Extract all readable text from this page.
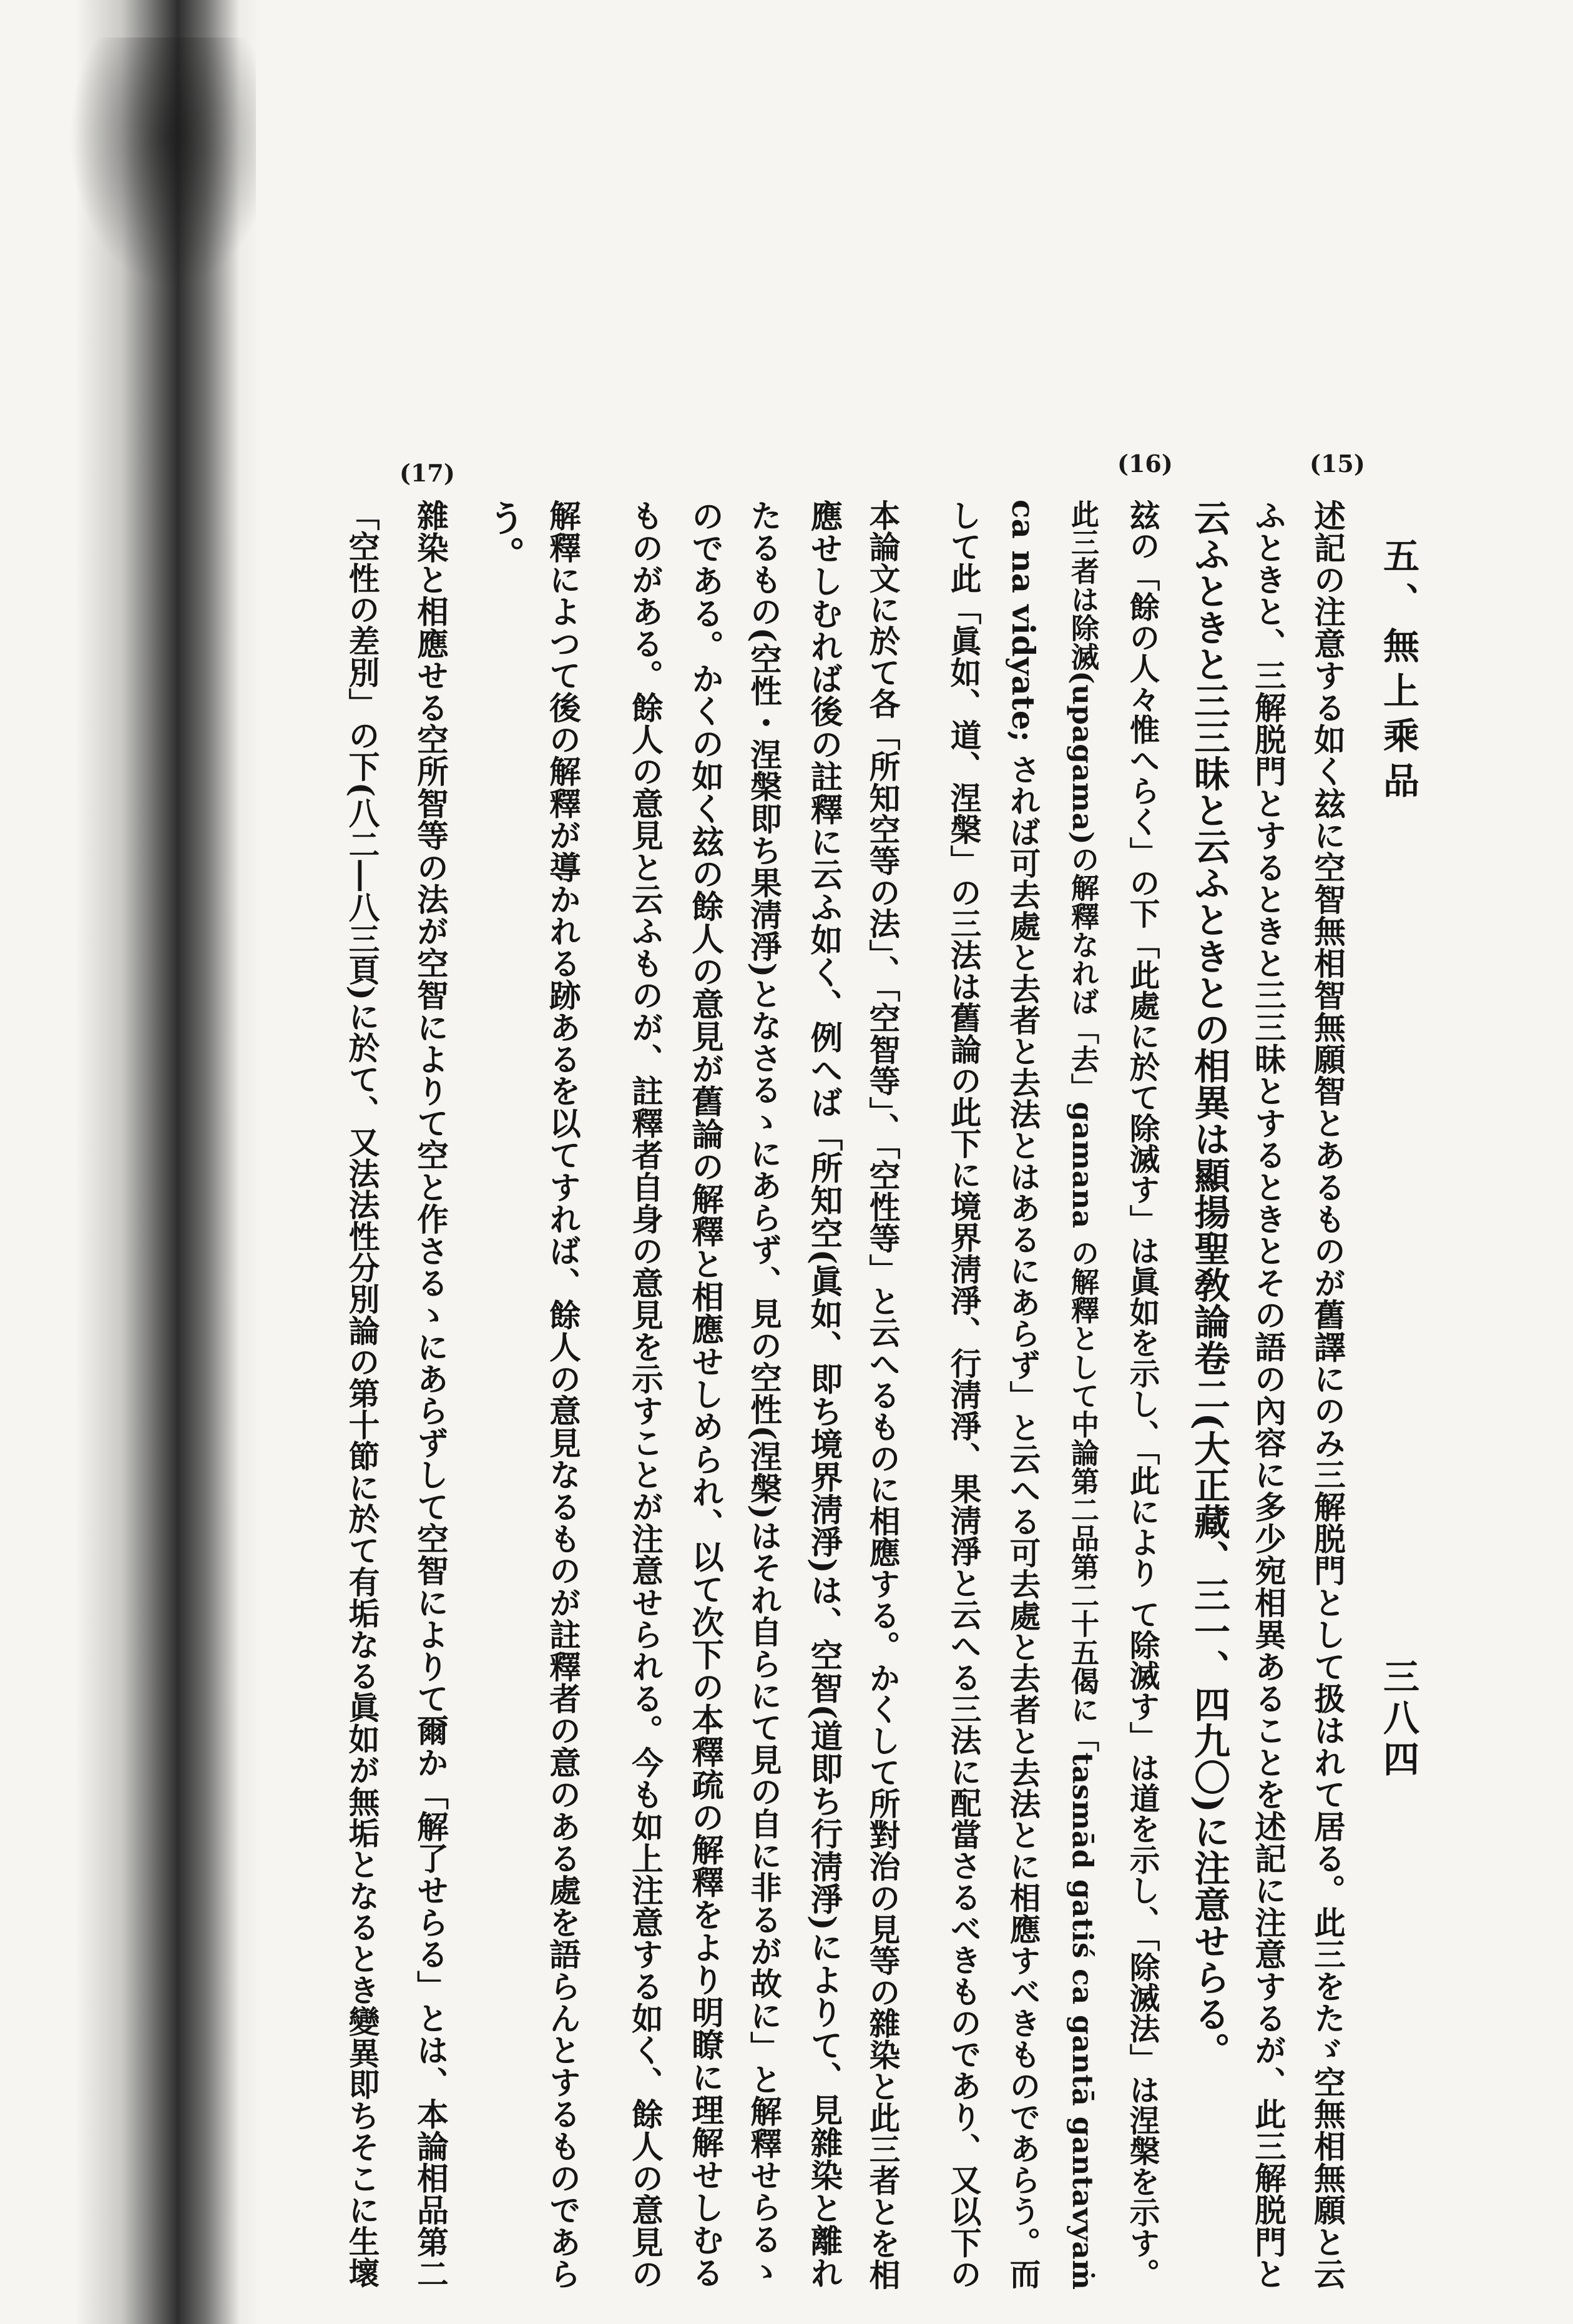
五、無上乘品
三八四
(15)
(16)
(17)
述記の注意する如く玆に空智無相智無願智とあるものが舊譯にのみ三解脱門として扱はれて居る。此三をたゞ空無相無願と云
ふときと、三解脱門とするときと三三昧とするときとその語の內容に多少宛相異あることを述記に注意するが、此三解脱門と
云ふときと三三昧と云ふときとの相異は顯揚聖敎論卷二(大正藏、三一、四九〇)に注意せらる。
玆の「餘の人々惟へらく」の下「此處に於て除滅す」は眞如を示し、「此により て除滅す」は道を示し、「除滅法」は涅槃を示す。
此三者は除滅(upagama)の解釋なれば「去」gamana の解釋として中論第二品第二十五偈に「tasmād gatiś ca gantā gantavyaṁ
ca na vidyate; されば可去處と去者と去法とはあるにあらず」と云へる可去處と去者と去法とに相應すべきものであらう。而
して此「眞如、道、涅槃」の三法は舊論の此下に境界淸淨、行淸淨、果淸淨と云へる三法に配當さるべきものであり、又以下の
本論文に於て各「所知空等の法」、「空智等」、「空性等」と云へるものに相應する。かくして所對治の見等の雜染と此三者とを相
應せしむれば後の註釋に云ふ如く、例へば「所知空(眞如、即ち境界淸淨)は、空智(道即ち行淸淨)によりて、見雜染と離れ
たるもの(空性・涅槃即ち果淸淨)となさるゝにあらず、見の空性(涅槃)はそれ自らにて見の自に非るが故に」と解釋せらるゝ
のである。かくの如く玆の餘人の意見が舊論の解釋と相應せしめられ、以て次下の本釋疏の解釋をより明瞭に理解せしむる
ものがある。餘人の意見と云ふものが、註釋者自身の意見を示すことが注意せられる。今も如上注意する如く、餘人の意見の
解釋によつて後の解釋が導かれる跡あるを以てすれば、餘人の意見なるものが註釋者の意のある處を語らんとするものであら
う。
雜染と相應せる空所智等の法が空智によりて空と作さるゝにあらずして空智によりて爾か「解了せらる」とは、本論相品第二
「空性の差別」の下(八二―八三頁)に於て、又法法性分別論の第十節に於て有垢なる眞如が無垢となるとき變異即ちそこに生壞
